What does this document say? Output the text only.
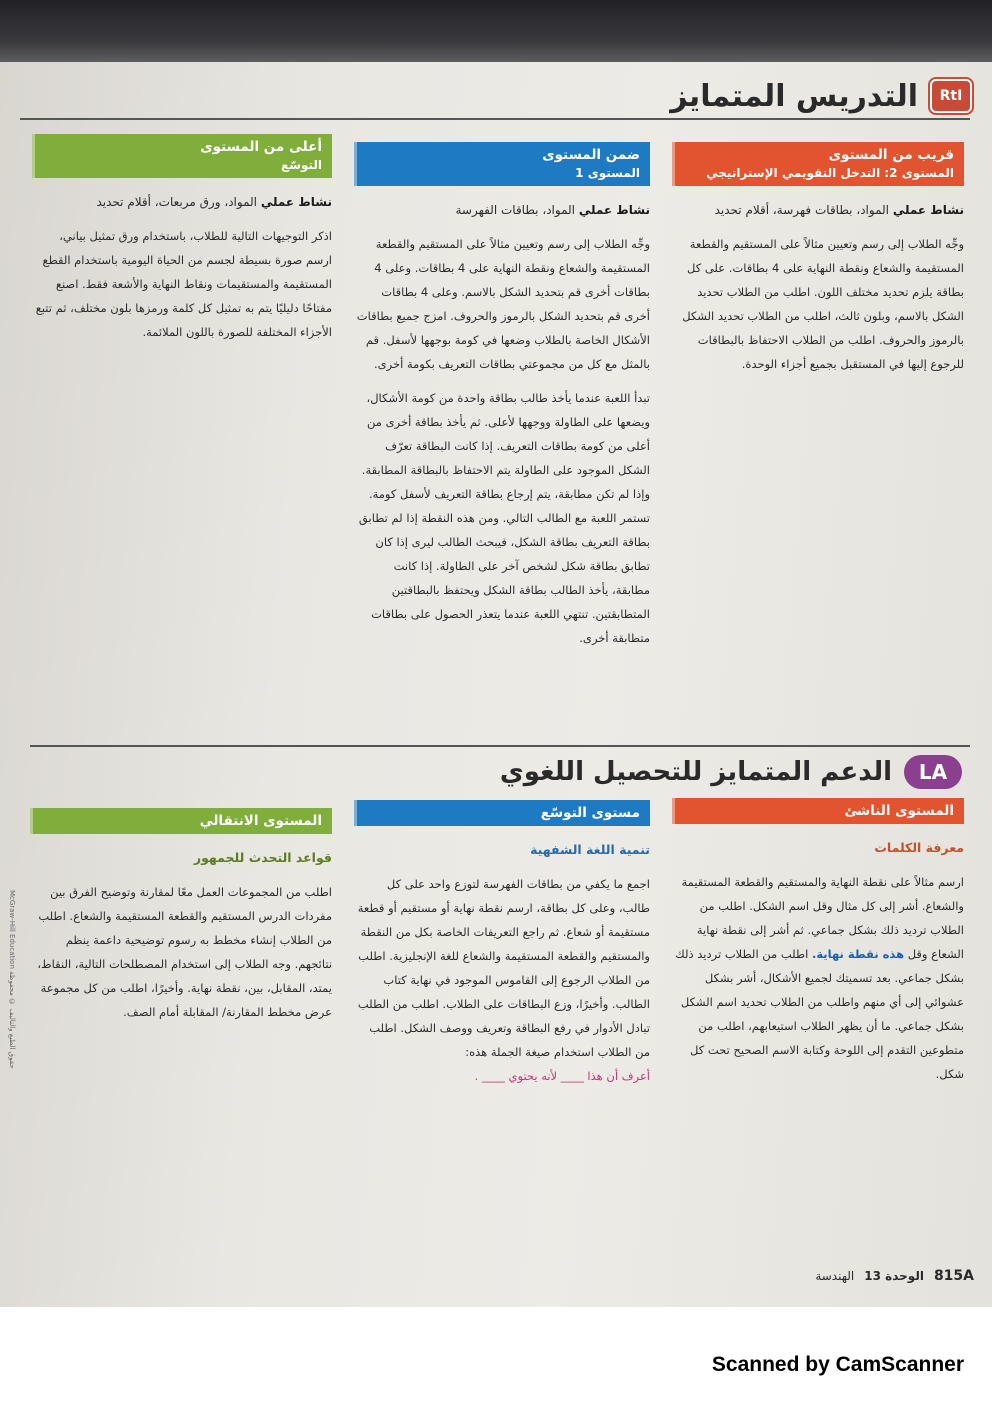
RtI
التدريس المتمايز
قريب من المستوى
المستوى 2: التدخل التقويمي الإستراتيجي
نشاط عملي المواد، بطاقات فهرسة، أقلام تحديد
وجِّه الطلاب إلى رسم وتعيين مثالاً على المستقيم والقطعة المستقيمة والشعاع ونقطة النهاية على 4 بطاقات. على كل بطاقة يلزم تحديد مختلف اللون. اطلب من الطلاب تحديد الشكل بالاسم، وبلون ثالث، اطلب من الطلاب تحديد الشكل بالرموز والحروف. اطلب من الطلاب الاحتفاظ بالبطاقات للرجوع إليها في المستقبل بجميع أجزاء الوحدة.
ضمن المستوى
المستوى 1
نشاط عملي المواد، بطاقات الفهرسة
وجِّه الطلاب إلى رسم وتعيين مثالاً على المستقيم والقطعة المستقيمة والشعاع ونقطة النهاية على 4 بطاقات. وعلى 4 بطاقات أخرى قم بتحديد الشكل بالاسم. وعلى 4 بطاقات أخرى قم بتحديد الشكل بالرموز والحروف. امزج جميع بطاقات الأشكال الخاصة بالطلاب وضعها في كومة بوجهها لأسفل. قم بالمثل مع كل من مجموعتي بطاقات التعريف بكومة أخرى.
تبدأ اللعبة عندما يأخذ طالب بطاقة واحدة من كومة الأشكال، ويضعها على الطاولة ووجهها لأعلى. ثم يأخذ بطاقة أخرى من أعلى من كومة بطاقات التعريف. إذا كانت البطاقة تعرّف الشكل الموجود على الطاولة يتم الاحتفاظ بالبطاقة المطابقة. وإذا لم تكن مطابقة، يتم إرجاع بطاقة التعريف لأسفل كومة. تستمر اللعبة مع الطالب التالي. ومن هذه النقطة إذا لم تطابق بطاقة التعريف بطاقة الشكل، فيبحث الطالب ليرى إذا كان تطابق بطاقة شكل لشخص آخر على الطاولة. إذا كانت مطابقة، يأخذ الطالب بطاقة الشكل ويحتفظ بالبطاقتين المتطابقتين. تنتهي اللعبة عندما يتعذر الحصول على بطاقات متطابقة أخرى.
أعلى من المستوى
التوسّع
نشاط عملي المواد، ورق مربعات، أقلام تحديد
اذكر التوجيهات التالية للطلاب، باستخدام ورق تمثيل بياني، ارسم صورة بسيطة لجسم من الحياة اليومية باستخدام القطع المستقيمة والمستقيمات ونقاط النهاية والأشعة فقط. اصنع مفتاحًا دليليًا يتم به تمثيل كل كلمة ورمزها بلون مختلف، ثم تتبع الأجزاء المختلفة للصورة باللون الملائمة.
LA
الدعم المتمايز للتحصيل اللغوي
المستوى الناشئ
معرفة الكلمات
ارسم مثالاً على نقطة النهاية والمستقيم والقطعة المستقيمة والشعاع. أشر إلى كل مثال وقل اسم الشكل. اطلب من الطلاب ترديد ذلك بشكل جماعي. ثم أشر إلى نقطة نهاية الشعاع وقل هذه نقطة نهاية. اطلب من الطلاب ترديد ذلك بشكل جماعي. بعد تسميتك لجميع الأشكال، أشر بشكل عشوائي إلى أي منهم واطلب من الطلاب تحديد اسم الشكل بشكل جماعي. ما أن يظهر الطلاب استيعابهم، اطلب من متطوعين التقدم إلى اللوحة وكتابة الاسم الصحيح تحت كل شكل.
مستوى التوسّع
تنمية اللغة الشفهية
اجمع ما يكفي من بطاقات الفهرسة لتوزع واحد على كل طالب، وعلى كل بطاقة، ارسم نقطة نهاية أو مستقيم أو قطعة مستقيمة أو شعاع. ثم راجع التعريفات الخاصة بكل من النقطة والمستقيم والقطعة المستقيمة والشعاع للغة الإنجليزية. اطلب من الطلاب الرجوع إلى القاموس الموجود في نهاية كتاب الطالب. وأخيرًا، وزع البطاقات على الطلاب. اطلب من الطلب تبادل الأدوار في رفع البطاقة وتعريف ووصف الشكل. اطلب من الطلاب استخدام صيغة الجملة هذه:
أعرف أن هذا ____ لأنه يحتوي ____ .
المستوى الانتقالي
قواعد التحدث للجمهور
اطلب من المجموعات العمل معًا لمقارنة وتوضيح الفرق بين مفردات الدرس المستقيم والقطعة المستقيمة والشعاع. اطلب من الطلاب إنشاء مخطط به رسوم توضيحية داعمة ينظم نتائجهم. وجه الطلاب إلى استخدام المصطلحات التالية، النقاط، يمتد، المقابل، بين، نقطة نهاية. وأخيرًا، اطلب من كل مجموعة عرض مخطط المقارنة/ المقابلة أمام الصف.
McGraw-Hill Education حقوق الطبع والتأليف © محفوظة
815A
الوحدة 13
الهندسة
Scanned by CamScanner
